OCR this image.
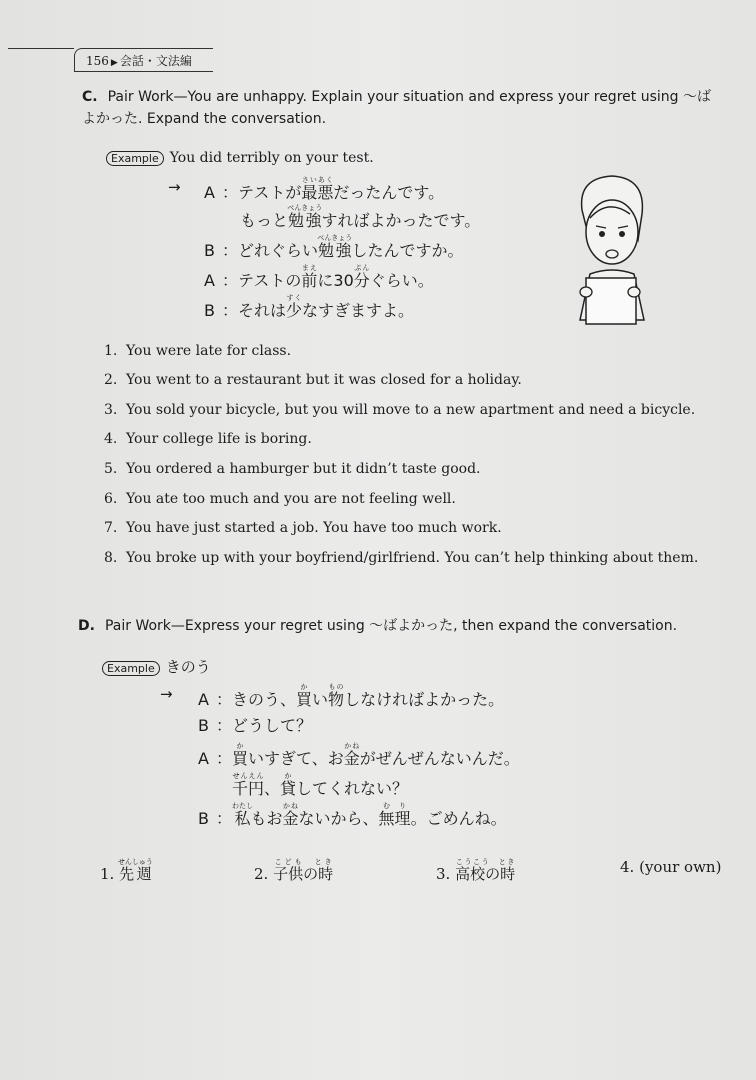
156 ▶ 会話・文法編
C. Pair Work—You are unhappy. Explain your situation and express your regret using 〜ば
よかった. Expand the conversation.
Example You did terribly on your test.
→ A ：テストが最悪さいあくだったんです。
もっと勉強べんきょうすればよかったです。
B ：どれぐらい勉強べんきょうしたんですか。
A ：テストの前まえに30分ぷんぐらい。
B ：それは少すくなすぎますよ。
1. You were late for class.
2. You went to a restaurant but it was closed for a holiday.
3. You sold your bicycle, but you will move to a new apartment and need a bicycle.
4. Your college life is boring.
5. You ordered a hamburger but it didn’t taste good.
6. You ate too much and you are not feeling well.
7. You have just started a job. You have too much work.
8. You broke up with your boyfriend/girlfriend. You can’t help thinking about them.
D. Pair Work—Express your regret using 〜ばよかった, then expand the conversation.
Example きのう
→ A ：きのう、買かい物ものしなければよかった。
B ：どうして？
A ：買かいすぎて、お金かねがぜんぜんないんだ。
千円せんえん、貸かしてくれない？
B ：私わたしもお金かねないから、無理むり。ごめんね。
1. 先週せんしゅう
2. 子供の時こども　とき
3. 高校の時こうこう　とき	4. (your own)
